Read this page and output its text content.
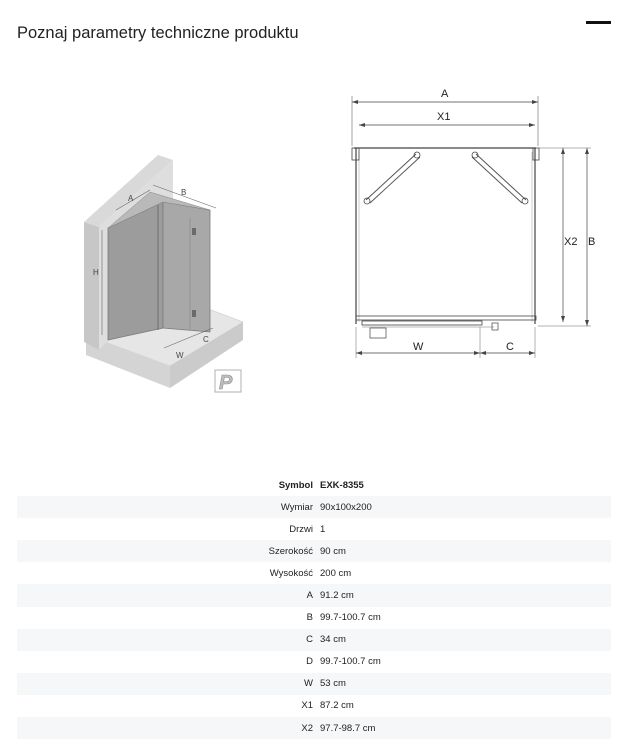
Poznaj parametry techniczne produktu
A
B
H
W
C
P
A
X1
X2 B
W	C
Symbol	EXK-8355
Wymiar	90x100x200
Drzwi	1
Szerokość	90 cm
Wysokość	200 cm
A	91.2 cm
B	99.7-100.7 cm
C	34 cm
D	99.7-100.7 cm
W	53 cm
X1	87.2 cm
X2	97.7-98.7 cm
